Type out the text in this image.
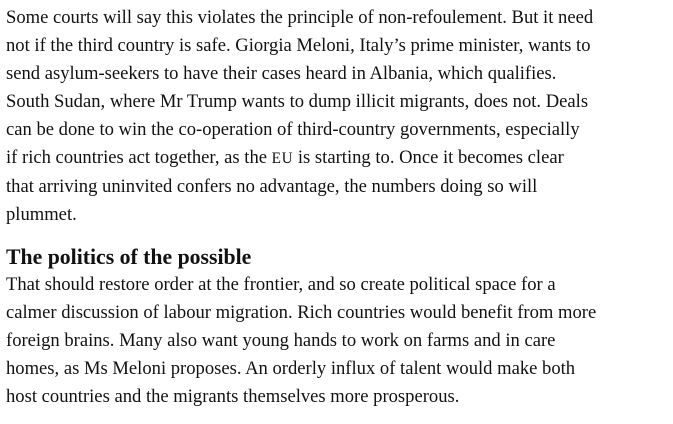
Some courts will say this violates the principle of non-refoulement. But it need
not if the third country is safe. Giorgia Meloni, Italy’s prime minister, wants to
send asylum-seekers to have their cases heard in Albania, which qualifies.
South Sudan, where Mr Trump wants to dump illicit migrants, does not. Deals
can be done to win the co-operation of third-country governments, especially
if rich countries act together, as the EU is starting to. Once it becomes clear
that arriving uninvited confers no advantage, the numbers doing so will
plummet.

The politics of the possible

That should restore order at the frontier, and so create political space for a
calmer discussion of labour migration. Rich countries would benefit from more
foreign brains. Many also want young hands to work on farms and in care
homes, as Ms Meloni proposes. An orderly influx of talent would make both
host countries and the migrants themselves more prosperous.
